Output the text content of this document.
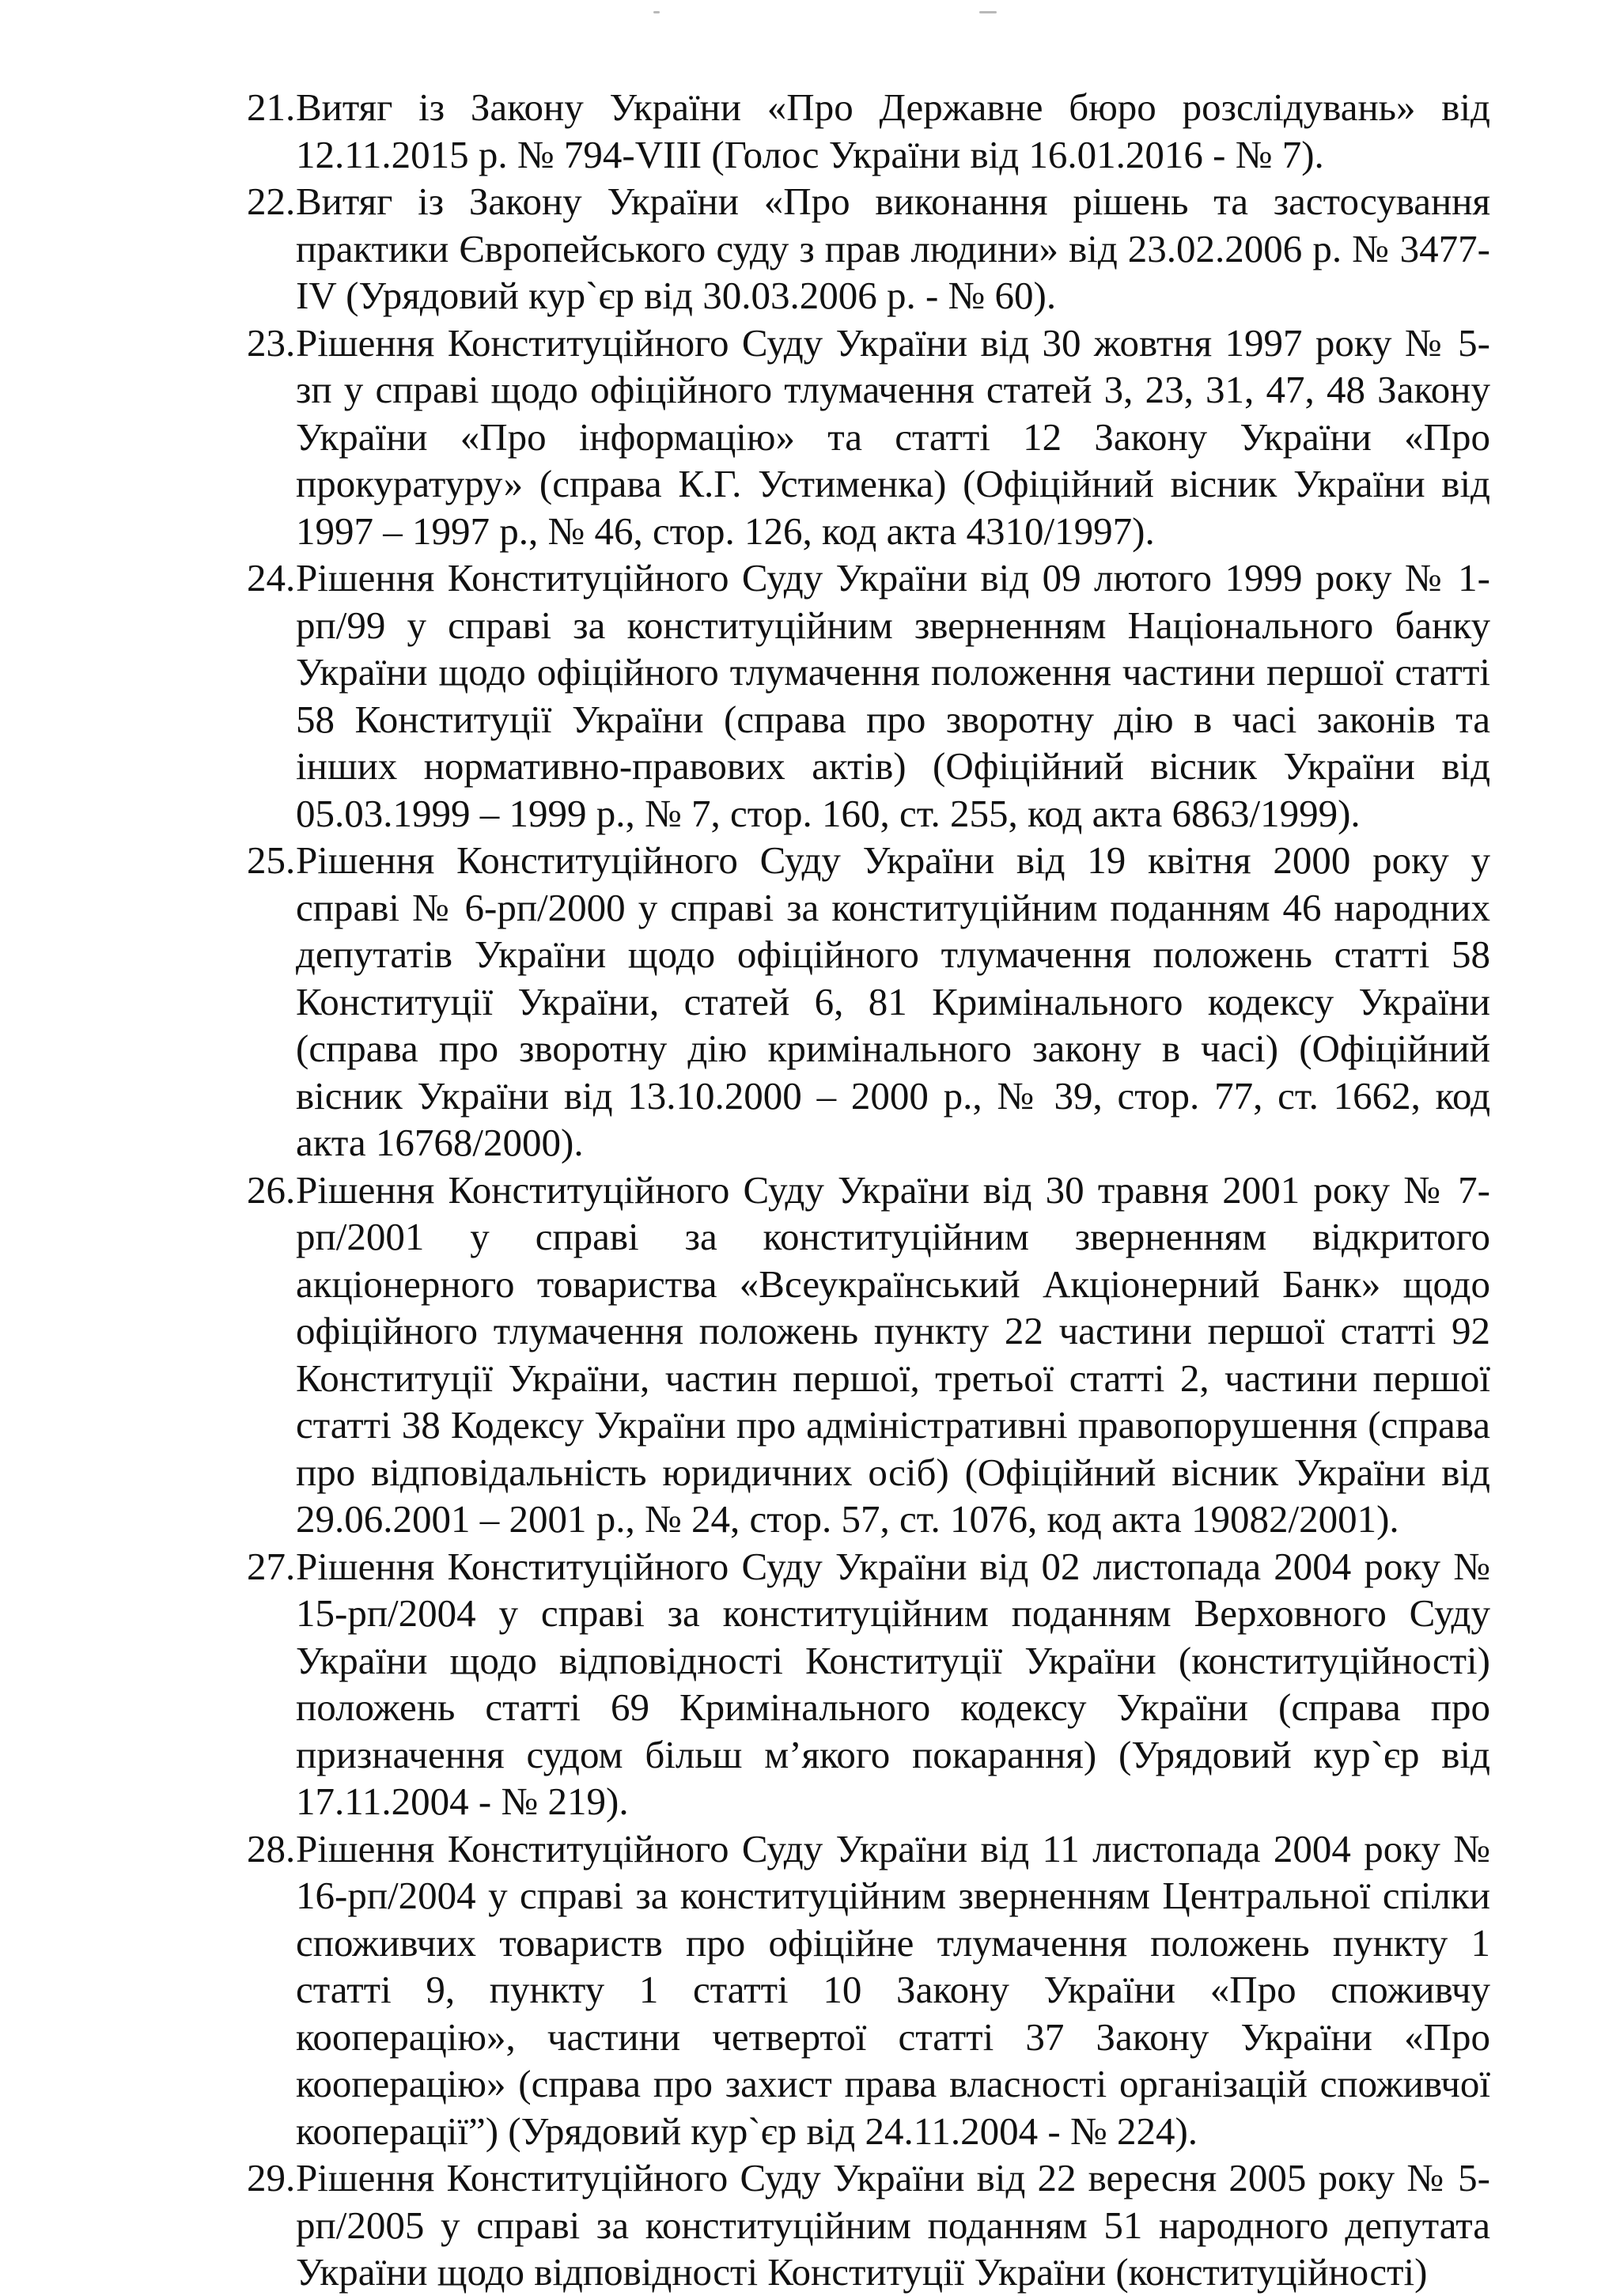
21. Витяг із Закону України «Про Державне бюро розслідувань» від 12.11.2015 р. № 794-VIII (Голос України від 16.01.2016 - № 7).
22. Витяг із Закону України «Про виконання рішень та застосування практики Європейського суду з прав людини» від 23.02.2006 р. № 3477-IV (Урядовий кур`єр від 30.03.2006 р. - № 60).
23. Рішення Конституційного Суду України від 30 жовтня 1997 року № 5-зп у справі щодо офіційного тлумачення статей 3, 23, 31, 47, 48 Закону України «Про інформацію» та статті 12 Закону України «Про прокуратуру» (справа К.Г. Устименка) (Офіційний вісник України від 1997 – 1997 р., № 46, стор. 126, код акта 4310/1997).
24. Рішення Конституційного Суду України від 09 лютого 1999 року № 1-рп/99 у справі за конституційним зверненням Національного банку України щодо офіційного тлумачення положення частини першої статті 58 Конституції України (справа про зворотну дію в часі законів та інших нормативно-правових актів) (Офіційний вісник України від 05.03.1999 – 1999 р., № 7, стор. 160, ст. 255, код акта 6863/1999).
25. Рішення Конституційного Суду України від 19 квітня 2000 року у справі № 6-рп/2000 у справі за конституційним поданням 46 народних депутатів України щодо офіційного тлумачення положень статті 58 Конституції України, статей 6, 81 Кримінального кодексу України (справа про зворотну дію кримінального закону в часі) (Офіційний вісник України від 13.10.2000 – 2000 р., № 39, стор. 77, ст. 1662, код акта 16768/2000).
26. Рішення Конституційного Суду України від 30 травня 2001 року № 7-рп/2001 у справі за конституційним зверненням відкритого акціонерного товариства «Всеукраїнський Акціонерний Банк» щодо офіційного тлумачення положень пункту 22 частини першої статті 92 Конституції України, частин першої, третьої статті 2, частини першої статті 38 Кодексу України про адміністративні правопорушення (справа про відповідальність юридичних осіб) (Офіційний вісник України від 29.06.2001 – 2001 р., № 24, стор. 57, ст. 1076, код акта 19082/2001).
27. Рішення Конституційного Суду України від 02 листопада 2004 року № 15-рп/2004 у справі за конституційним поданням Верховного Суду України щодо відповідності Конституції України (конституційності) положень статті 69 Кримінального кодексу України (справа про призначення судом більш м’якого покарання) (Урядовий кур`єр від 17.11.2004 - № 219).
28. Рішення Конституційного Суду України від 11 листопада 2004 року № 16-рп/2004 у справі за конституційним зверненням Центральної спілки споживчих товариств про офіційне тлумачення положень пункту 1 статті 9, пункту 1 статті 10 Закону України «Про споживчу кооперацію», частини четвертої статті 37 Закону України «Про кооперацію» (справа про захист права власності організацій споживчої кооперації”) (Урядовий кур`єр від 24.11.2004 - № 224).
29. Рішення Конституційного Суду України від 22 вересня 2005 року № 5-рп/2005 у справі за конституційним поданням 51 народного депутата України щодо відповідності Конституції України (конституційності)
